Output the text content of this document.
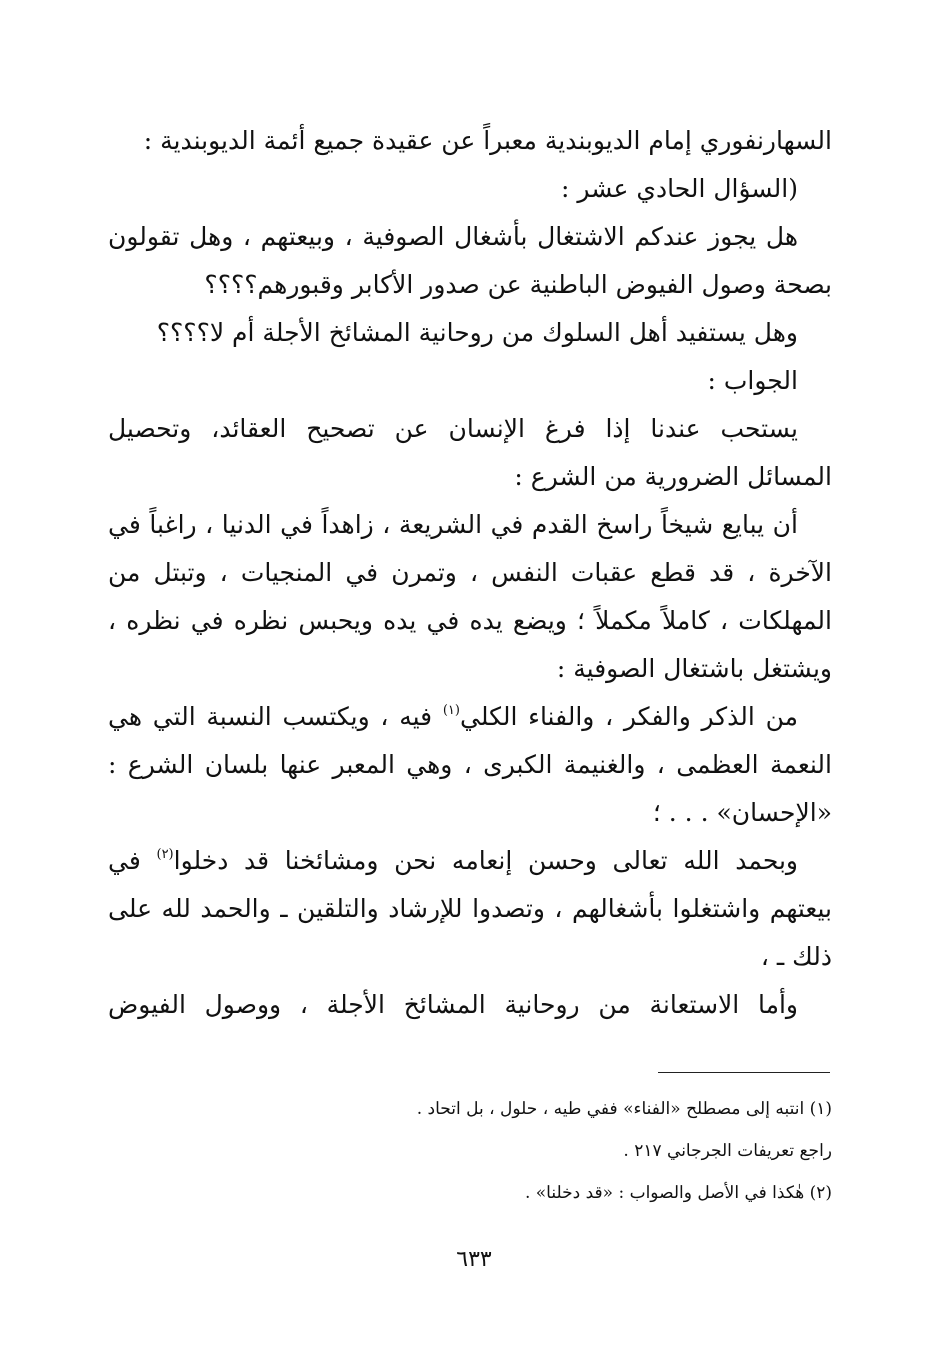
السهارنفوري إمام الديوبندية معبراً عن عقيدة جميع أئمة الديوبندية :
(السؤال الحادي عشر :
هل يجوز عندكم الاشتغال بأشغال الصوفية ، وبيعتهم ، وهل تقولون
بصحة وصول الفيوض الباطنية عن صدور الأكابر وقبورهم؟؟؟؟
وهل يستفيد أهل السلوك من روحانية المشائخ الأجلة أم لا؟؟؟؟
الجواب :
يستحب عندنا إذا فرغ الإنسان عن تصحيح العقائد، وتحصيل
المسائل الضرورية من الشرع :
أن يبايع شيخاً راسخ القدم في الشريعة ، زاهداً في الدنيا ، راغباً في
الآخرة ، قد قطع عقبات النفس ، وتمرن في المنجيات ، وتبتل من
المهلكات ، كاملاً مكملاً ؛ ويضع يده في يده ويحبس نظره في نظره ،
ويشتغل باشتغال الصوفية :
من الذكر والفكر ، والفناء الكلي$^{(١)}$ فيه ، ويكتسب النسبة التي هي
النعمة العظمى ، والغنيمة الكبرى ، وهي المعبر عنها بلسان الشرع :
«الإحسان» . . . ؛
وبحمد الله تعالى وحسن إنعامه نحن ومشائخنا قد دخلوا$^{(٢)}$ في
بيعتهم واشتغلوا بأشغالهم ، وتصدوا للإرشاد والتلقين ـ والحمد لله على
ذلك ـ ،
وأما الاستعانة من روحانية المشائخ الأجلة ، ووصول الفيوض
(١) انتبه إلى مصطلح «الفناء» ففي طيه ، حلول ، بل اتحاد .
راجع تعريفات الجرجاني ٢١٧ .
(٢) هٰكذا في الأصل والصواب : «قد دخلنا» .
٦٣٣
